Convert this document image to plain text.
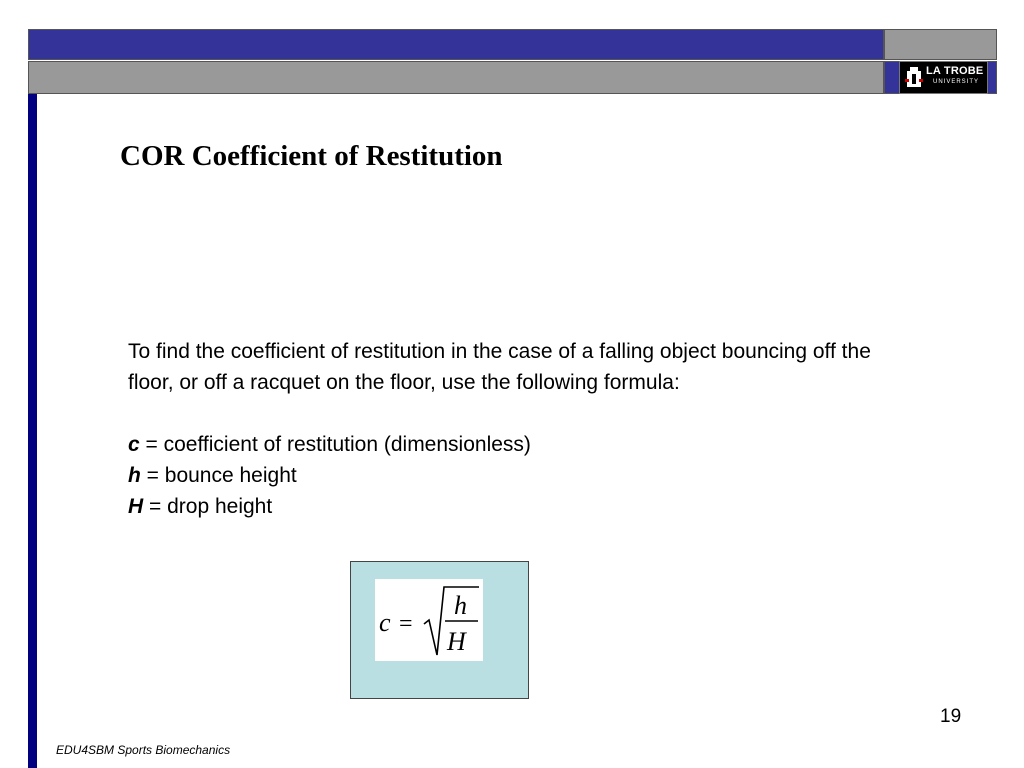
LA TROBE
UNIVERSITY
COR Coefficient of Restitution

To find the coefficient of restitution in the case of a falling object bouncing off the floor, or off a racquet on the floor, use the following formula:

c = coefficient of restitution (dimensionless)

h = bounce height

H = drop height

c =
h
H
19
EDU4SBM Sports Biomechanics
